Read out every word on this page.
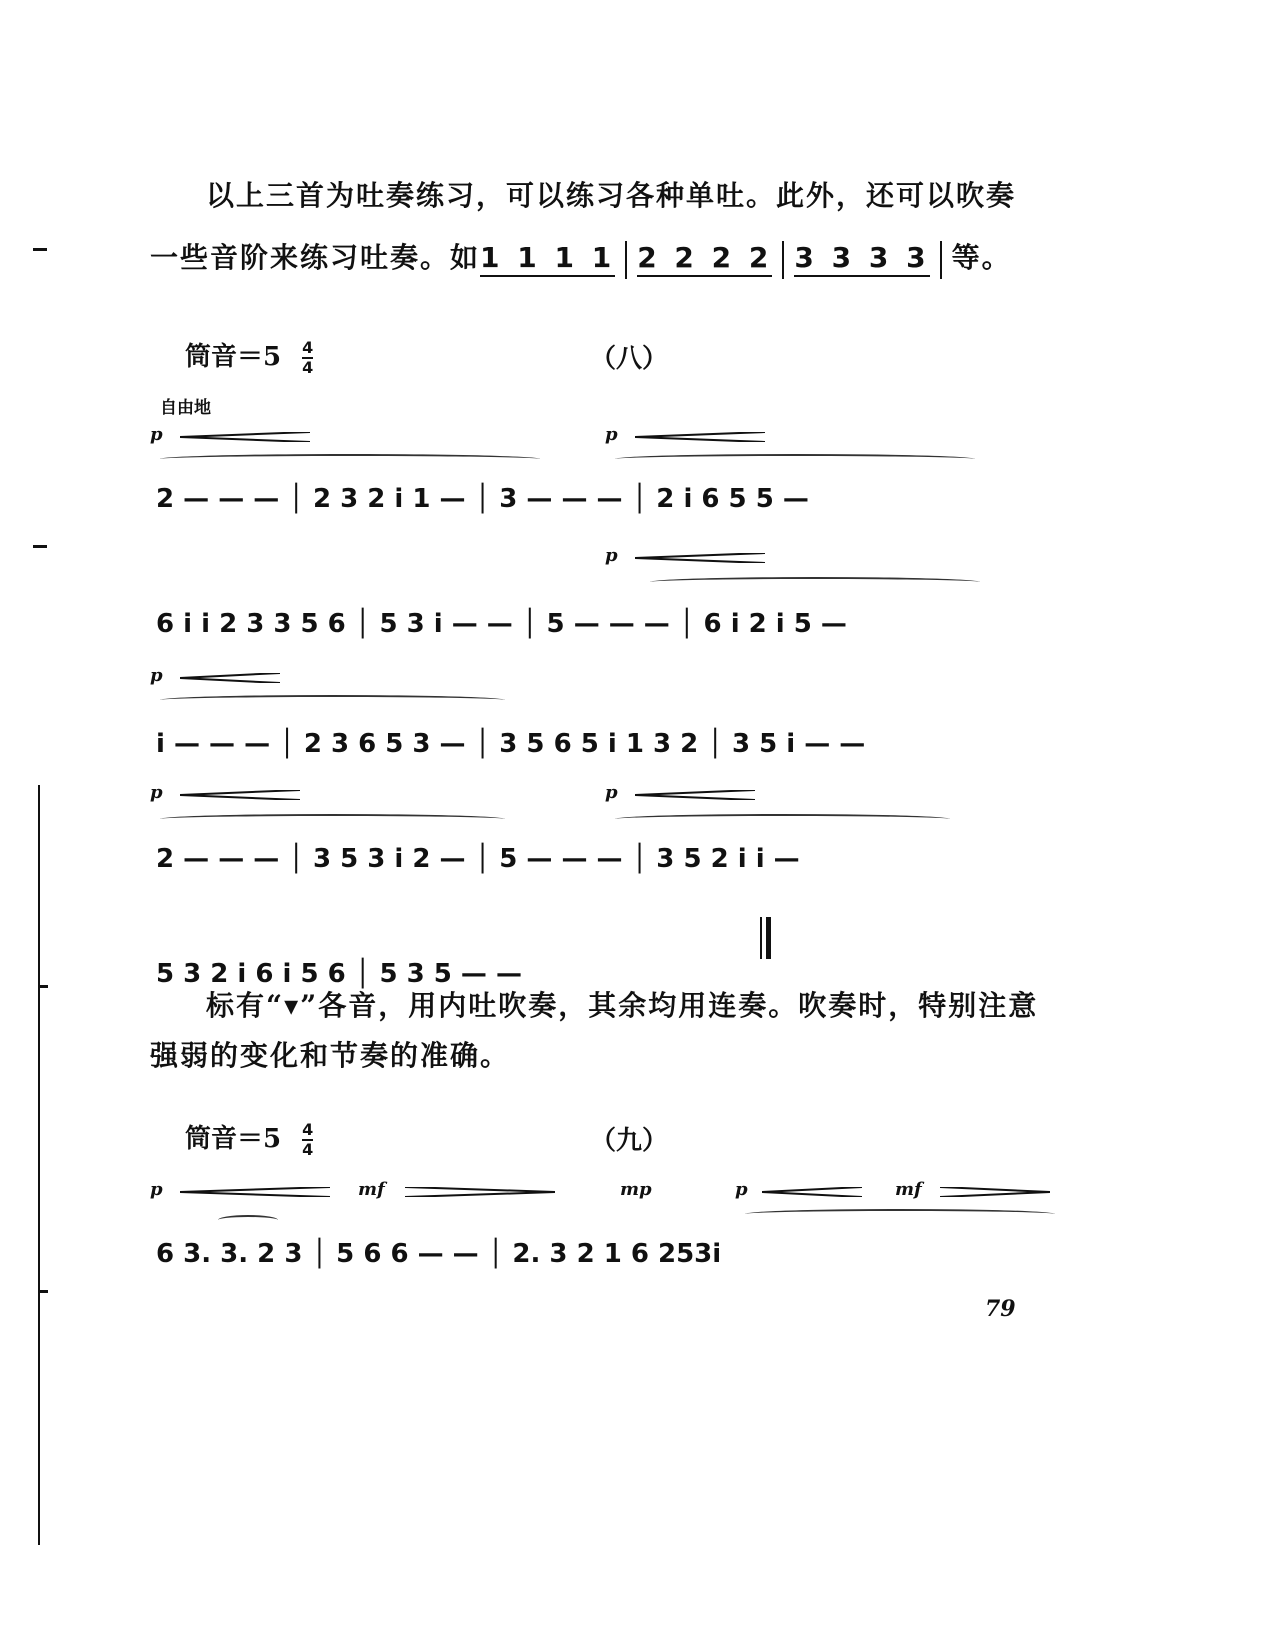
以上三首为吐奏练习，可以练习各种单吐。此外，还可以吹奏
一些音阶来练习吐奏。如1 1 1 1 2 2 2 2 3 3 3 3 等。
筒音$=5 \frac{4}{4}$	（八）
自由地
p	p
2 — — — │ 2 3 2 i 1 — │ 3 — — — │ 2 i 6 5 5 —
p
6 i i 2 3 3 5 6 │ 5 3 i — — │ 5 — — — │ 6 i 2 i 5 —
p
i — — — │ 2 3 6 5 3 — │ 3 5 6 5 i 1 3 2 │ 3 5 i — —
p	p
2 — — — │ 3 5 3 i 2 — │ 5 — — — │ 3 5 2 i i —
5 3 2 i 6 i 5 6 │ 5 3 5 — —
标有“▾”各音，用内吐吹奏，其余均用连奏。吹奏时，特别注意
强弱的变化和节奏的准确。
筒音$=5 \frac{4}{4}$	（九）
p	mf	mp	p	mf
6 3. 3. 2 3 │ 5 6 6 — — │ 2. 3 2 1 6 253i
79
